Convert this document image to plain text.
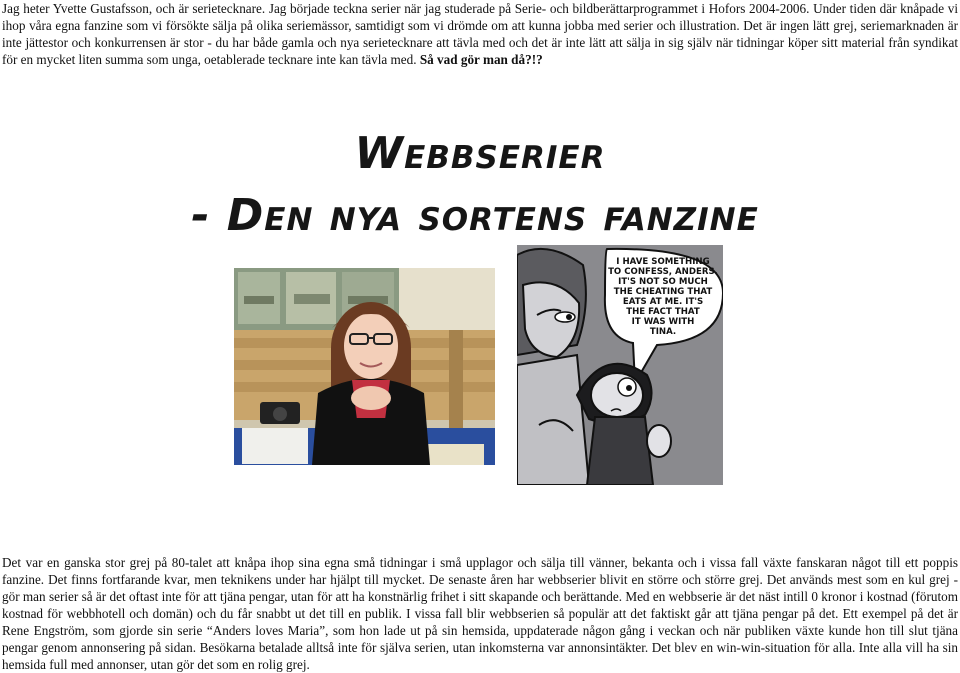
Jag heter Yvette Gustafsson, och är serietecknare. Jag började teckna serier när jag studerade på Serie- och bildberättarprogrammet i Hofors 2004-2006. Under tiden där knåpade vi ihop våra egna fanzine som vi försökte sälja på olika seriemässor, samtidigt som vi drömde om att kunna jobba med serier och illustration. Det är ingen lätt grej, seriemarknaden är inte jättestor och konkurrensen är stor - du har både gamla och nya serietecknare att tävla med och det är inte lätt att sälja in sig själv när tidningar köper sitt material från syndikat för en mycket liten summa som unga, oetablerade tecknare inte kan tävla med. Så vad gör man då?!?

Webbserier
- Den nya sortens fanzine
I HAVE SOMETHING
TO CONFESS, ANDERS.
IT'S NOT SO MUCH
THE CHEATING THAT
EATS AT ME. IT'S
THE FACT THAT
IT WAS WITH
TINA.

Det var en ganska stor grej på 80-talet att knåpa ihop sina egna små tidningar i små upplagor och sälja till vänner, bekanta och i vissa fall växte fanskaran något till ett poppis fanzine. Det finns fortfarande kvar, men teknikens under har hjälpt till mycket. De senaste åren har webbserier blivit en större och större grej. Det används mest som en kul grej - gör man serier så är det oftast inte för att tjäna pengar, utan för att ha konstnärlig frihet i sitt skapande och berättande. Med en webbserie är det näst intill 0 kronor i kostnad (förutom kostnad för webbhotell och domän) och du får snabbt ut det till en publik. I vissa fall blir webbserien så populär att det faktiskt går att tjäna pengar på det. Ett exempel på det är Rene Engström, som gjorde sin serie “Anders loves Maria”, som hon lade ut på sin hemsida, uppdaterade någon gång i veckan och när publiken växte kunde hon till slut tjäna pengar genom annonsering på sidan. Besökarna betalade alltså inte för själva serien, utan inkomsterna var annonsintäkter. Det blev en win-win-situation för alla. Inte alla vill ha sin hemsida full med annonser, utan gör det som en rolig grej.
